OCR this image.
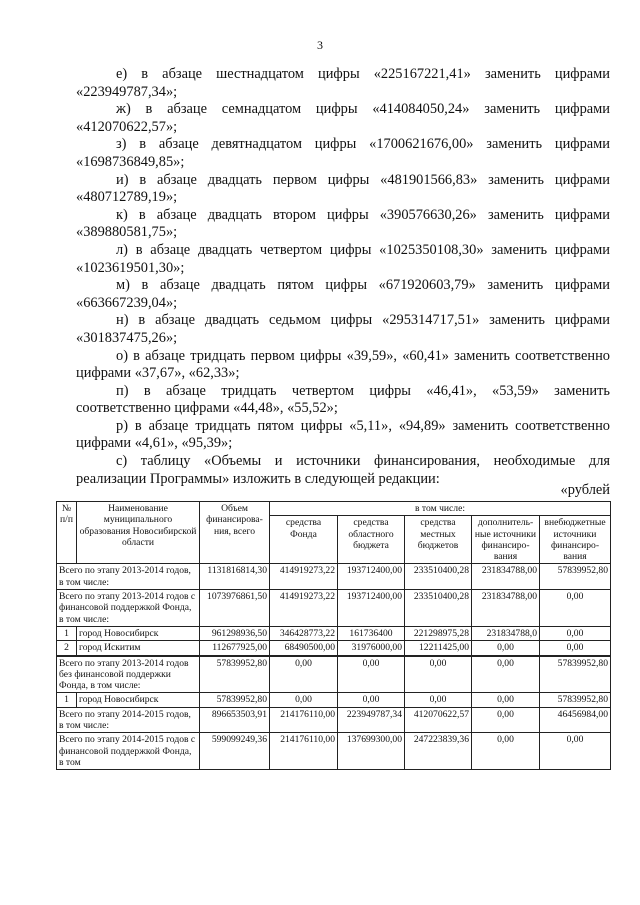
3

е) в абзаце шестнадцатом цифры «225167221,41» заменить цифрами «223949787,34»;

ж) в абзаце семнадцатом цифры «414084050,24» заменить цифрами «412070622,57»;

з) в абзаце девятнадцатом цифры «1700621676,00» заменить цифрами «1698736849,85»;

и) в абзаце двадцать первом цифры «481901566,83» заменить цифрами «480712789,19»;

к) в абзаце двадцать втором цифры «390576630,26» заменить цифрами «389880581,75»;

л) в абзаце двадцать четвертом цифры «1025350108,30» заменить цифрами «1023619501,30»;

м) в абзаце двадцать пятом цифры «671920603,79» заменить цифрами «663667239,04»;

н) в абзаце двадцать седьмом цифры «295314717,51» заменить цифрами «301837475,26»;

о) в абзаце тридцать первом цифры «39,59», «60,41» заменить соответственно цифрами «37,67», «62,33»;

п) в абзаце тридцать четвертом цифры «46,41», «53,59» заменить соответственно цифрами «44,48», «55,52»;

р) в абзаце тридцать пятом цифры «5,11», «94,89» заменить соответственно цифрами «4,61», «95,39»;

с) таблицу «Объемы и источники финансирования, необходимые для реализации Программы» изложить в следующей редакции:

«рублей
№ п/п	Наименование муниципального образования Новосибирской области	Объем финансирова-ния, всего	в том числе:				
			средства Фонда	средства областного бюджета	средства местных бюджетов	дополнитель-ные источники финансиро-вания	внебюджетные источники финансиро-вания
Всего по этапу 2013-2014 годов, в том числе:		1131816814,30	414919273,22	193712400,00	233510400,28	231834788,00	57839952,80
Всего по этапу 2013-2014 годов с финансовой поддержкой Фонда, в том числе:		1073976861,50	414919273,22	193712400,00	233510400,28	231834788,00	0,00
1	город Новосибирск	961298936,50	346428773,22	161736400	221298975,28	231834788,0	0,00
2	город Искитим	112677925,00	68490500,00	31976000,00	12211425,00	0,00	0,00
Всего по этапу 2013-2014 годов без финансовой поддержки Фонда, в том числе:		57839952,80	0,00	0,00	0,00	0,00	57839952,80
1	город Новосибирск	57839952,80	0,00	0,00	0,00	0,00	57839952,80
Всего по этапу 2014-2015 годов, в том числе:		896653503,91	214176110,00	223949787,34	412070622,57	0,00	46456984,00
Всего по этапу 2014-2015 годов с финансовой поддержкой Фонда, в том		599099249,36	214176110,00	137699300,00	247223839,36	0,00	0,00
